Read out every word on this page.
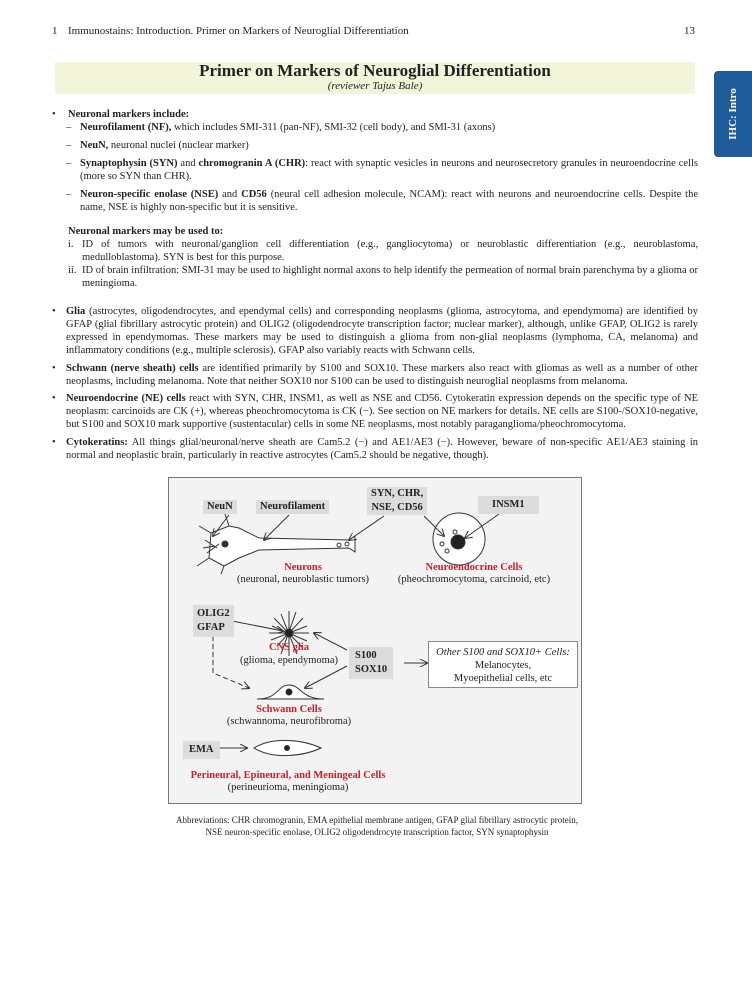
1 Immunostains: Introduction. Primer on Markers of Neuroglial Differentiation	13
IHC: Intro
Primer on Markers of Neuroglial Differentiation
(reviewer Tajus Bale)
• Neuronal markers include:
– Neurofilament (NF), which includes SMI-311 (pan-NF), SMI-32 (cell body), and SMI-31 (axons)
– NeuN, neuronal nuclei (nuclear marker)
– Synaptophysin (SYN) and chromogranin A (CHR): react with synaptic vesicles in neurons and neurosecretory granules in neuroendocrine cells (more so SYN than CHR).
– Neuron-specific enolase (NSE) and CD56 (neural cell adhesion molecule, NCAM): react with neurons and neuroendocrine cells. Despite the name, NSE is highly non-specific but it is sensitive.
Neuronal markers may be used to:
i. ID of tumors with neuronal/ganglion cell differentiation (e.g., gangliocytoma) or neuroblastic differentiation (e.g., neuroblastoma, medulloblastoma). SYN is best for this purpose.
ii. ID of brain infiltration: SMI-31 may be used to highlight normal axons to help identify the permeation of normal brain parenchyma by a glioma or meningioma.
• Glia (astrocytes, oligodendrocytes, and ependymal cells) and corresponding neoplasms (glioma, astrocytoma, and ependymoma) are identified by GFAP (glial fibrillary astrocytic protein) and OLIG2 (oligodendrocyte transcription factor; nuclear marker), although, unlike GFAP, OLIG2 is rarely expressed in ependymomas. These markers may be used to distinguish a glioma from non-glial neoplasms (lymphoma, CA, melanoma) and inflammatory conditions (e.g., multiple sclerosis). GFAP also variably reacts with Schwann cells.
• Schwann (nerve sheath) cells are identified primarily by S100 and SOX10. These markers also react with gliomas as well as a number of other neoplasms, including melanoma. Note that neither SOX10 nor S100 can be used to distinguish neuroglial neoplasms from melanoma.
• Neuroendocrine (NE) cells react with SYN, CHR, INSM1, as well as NSE and CD56. Cytokeratin expression depends on the specific type of NE neoplasm: carcinoids are CK (+), whereas pheochromocytoma is CK (−). See section on NE markers for details. NE cells are S100-/SOX10-negative, but S100 and SOX10 mark supportive (sustentacular) cells in some NE neoplasms, most notably paraganglioma/pheochromocytoma.
• Cytokeratins: All things glial/neuronal/nerve sheath are Cam5.2 (−) and AE1/AE3 (−). However, beware of non-specific AE1/AE3 staining in normal and neoplastic brain, particularly in reactive astrocytes (Cam5.2 should be negative, though).
NeuN	Neurofilament
SYN, CHR,
NSE, CD56	INSM1
Neurons
(neuronal, neuroblastic tumors)
Neuroendocrine Cells
(pheochromocytoma, carcinoid, etc)
OLIG2
GFAP
CNS glia
(glioma, ependymoma)	S100
SOX10
Schwann Cells
(schwannoma, neurofibroma)
EMA
Perineural, Epineural, and Meningeal Cells
(perineurioma, meningioma)
Other S100 and SOX10+ Cells:
Melanocytes,
Myoepithelial cells, etc
Abbreviations: CHR chromogranin, EMA epithelial membrane antigen, GFAP glial fibrillary astrocytic protein,
NSE neuron-specific enolase, OLIG2 oligodendrocyte transcription factor, SYN synaptophysin
